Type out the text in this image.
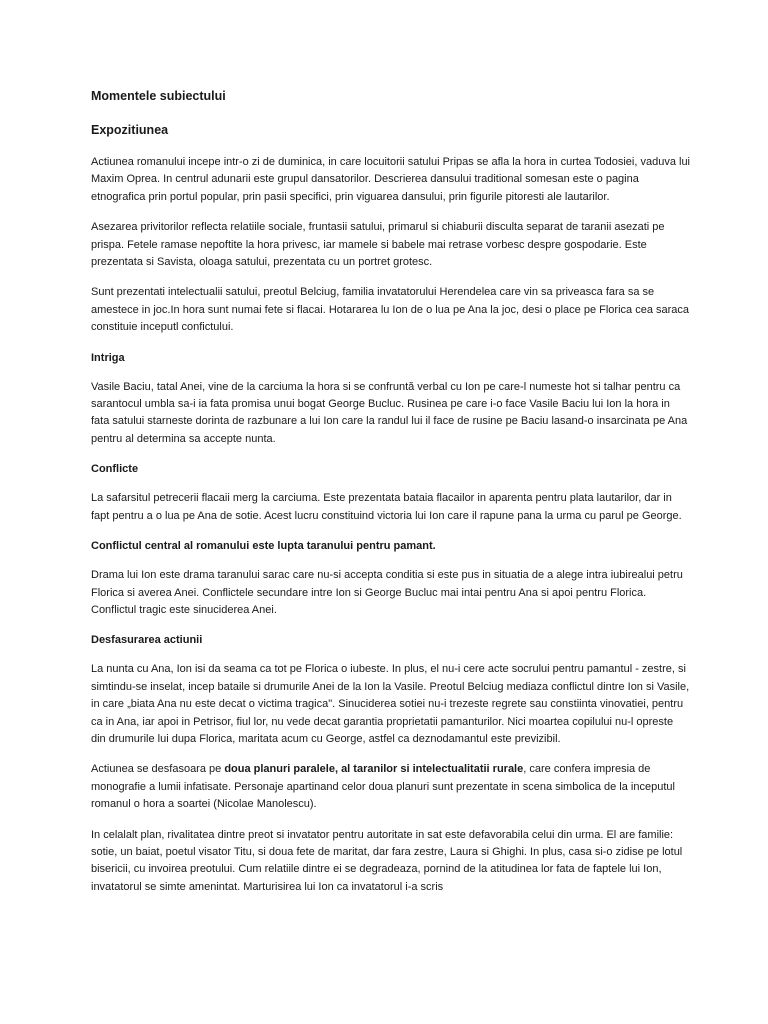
Momentele subiectului
Expozitiunea

Actiunea romanului incepe intr-o zi de duminica, in care locuitorii satului Pripas se afla la hora in curtea Todosiei, vaduva lui Maxim Oprea. In centrul adunarii este grupul dansatorilor. Descrierea dansului traditional somesan este o pagina etnografica prin portul popular, prin pasii specifici, prin viguarea dansului, prin figurile pitoresti ale lautarilor.

Asezarea privitorilor reflecta relatiile sociale, fruntasii satului, primarul si chiaburii disculta separat de taranii asezati pe prispa. Fetele ramase nepoftite la hora privesc, iar mamele si babele mai retrase vorbesc despre gospodarie. Este prezentata si Savista, oloaga satului, prezentata cu un portret grotesc.

Sunt prezentati intelectualii satului, preotul Belciug, familia invatatorului Herendelea care vin sa priveasca fara sa se amestece in joc.In hora sunt numai fete si flacai. Hotararea lu Ion de o lua pe Ana la joc, desi o place pe Florica cea saraca constituie inceputl confictului.

Intriga

Vasile Baciu, tatal Anei, vine de la carciuma la hora si se confruntă verbal cu Ion pe care-l numeste hot si talhar pentru ca sarantocul umbla sa-i ia fata promisa unui bogat George Bucluc. Rusinea pe care i-o face Vasile Baciu lui Ion la hora in fata satului starneste dorinta de razbunare a lui Ion care la randul lui il face de rusine pe Baciu lasand-o insarcinata pe Ana pentru al determina sa accepte nunta.

Conflicte

La safarsitul petrecerii flacaii merg la carciuma. Este prezentata bataia flacailor in aparenta pentru plata lautarilor, dar in fapt pentru a o lua pe Ana de sotie. Acest lucru constituind victoria lui Ion care il rapune pana la urma cu parul pe George.

Conflictul central al romanului este lupta taranului pentru pamant.

Drama lui Ion este drama taranului sarac care nu-si accepta conditia si este pus in situatia de a alege intra iubirealui petru Florica si averea Anei. Conflictele secundare intre Ion si George Bucluc mai intai pentru Ana si apoi pentru Florica. Conflictul tragic este sinuciderea Anei.

Desfasurarea actiunii

La nunta cu Ana, Ion isi da seama ca tot pe Florica o iubeste. In plus, el nu-i cere acte socrului pentru pamantul - zestre, si simtindu-se inselat, incep bataile si drumurile Anei de la Ion la Vasile. Preotul Belciug mediaza conflictul dintre Ion si Vasile, in care „biata Ana nu este decat o victima tragica". Sinuciderea sotiei nu-i trezeste regrete sau constiinta vinovatiei, pentru ca in Ana, iar apoi in Petrisor, fiul lor, nu vede decat garantia proprietatii pamanturilor. Nici moartea copilului nu-l opreste din drumurile lui dupa Florica, maritata acum cu George, astfel ca deznodamantul este previzibil.

Actiunea se desfasoara pe doua planuri paralele, al taranilor si intelectualitatii rurale, care confera impresia de monografie a lumii infatisate. Personaje apartinand celor doua planuri sunt prezentate in scena simbolica de la inceputul romanul o hora a soartei (Nicolae Manolescu).

In celalalt plan, rivalitatea dintre preot si invatator pentru autoritate in sat este defavorabila celui din urma. El are familie: sotie, un baiat, poetul visator Titu, si doua fete de maritat, dar fara zestre, Laura si Ghighi. In plus, casa si-o zidise pe lotul bisericii, cu invoirea preotului. Cum relatiile dintre ei se degradeaza, pornind de la atitudinea lor fata de faptele lui Ion, invatatorul se simte amenintat. Marturisirea lui Ion ca invatatorul i-a scris
